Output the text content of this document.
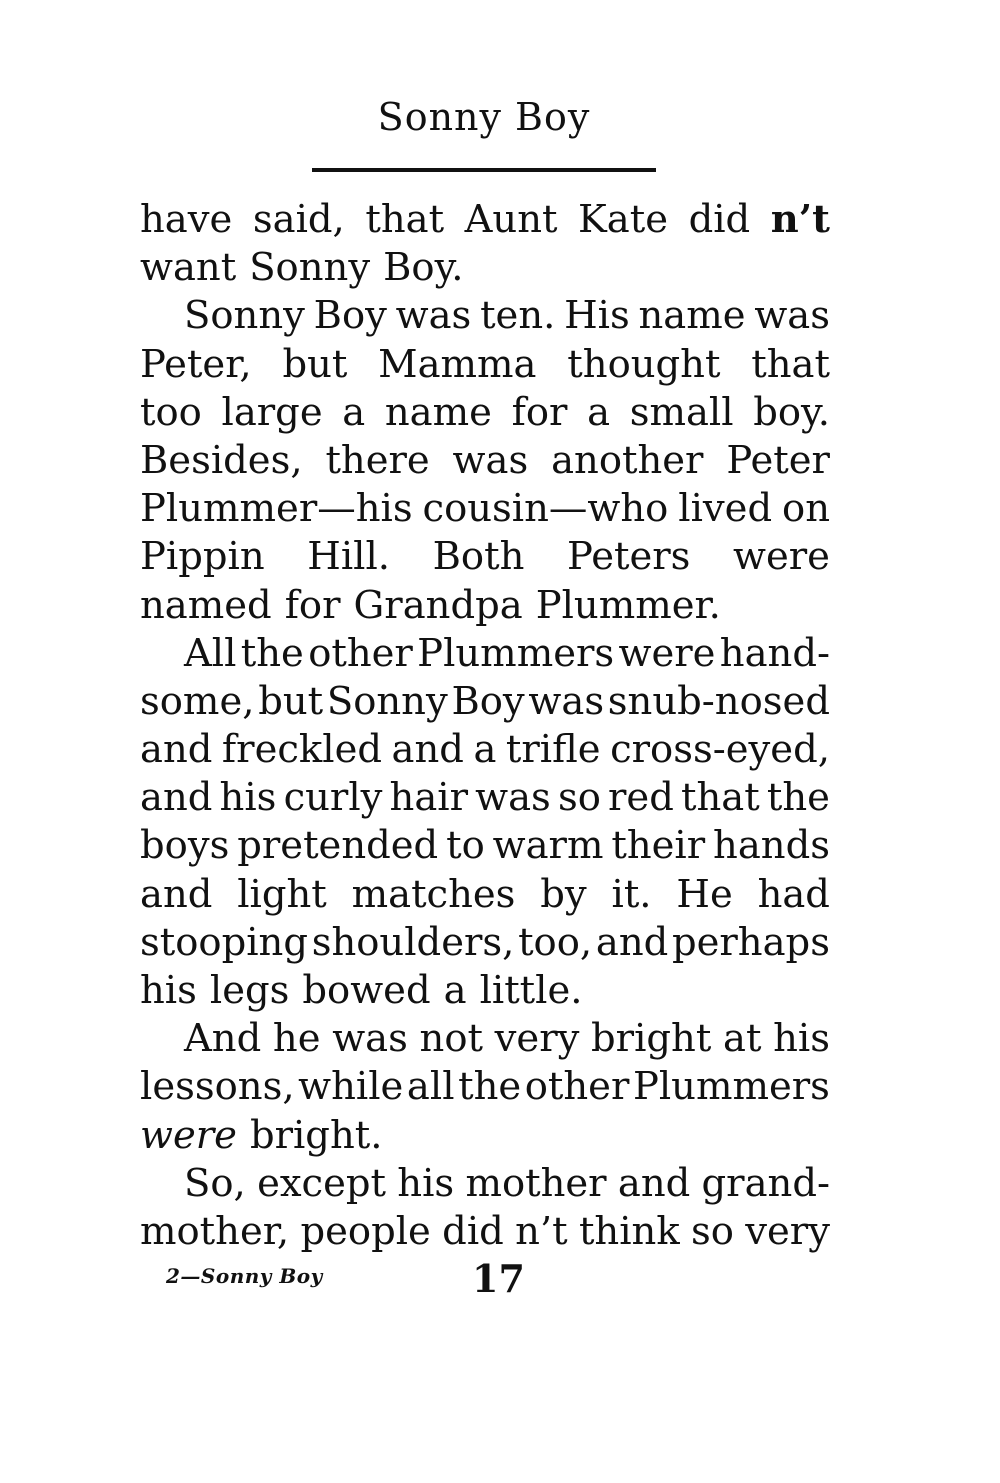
Sonny Boy
have said, that Aunt Kate did n’t
want Sonny Boy.
Sonny Boy was ten. His name was
Peter, but Mamma thought that
too large a name for a small boy.
Besides, there was another Peter
Plummer—his cousin—who lived on
Pippin Hill. Both Peters were
named for Grandpa Plummer.
All the other Plummers were hand-
some, but Sonny Boy was snub-nosed
and freckled and a trifle cross-eyed,
and his curly hair was so red that the
boys pretended to warm their hands
and light matches by it. He had
stooping shoulders, too, and perhaps
his legs bowed a little.
And he was not very bright at his
lessons, while all the other Plummers
were bright.
So, except his mother and grand-
mother, people did n’t think so very
2—Sonny Boy	17
